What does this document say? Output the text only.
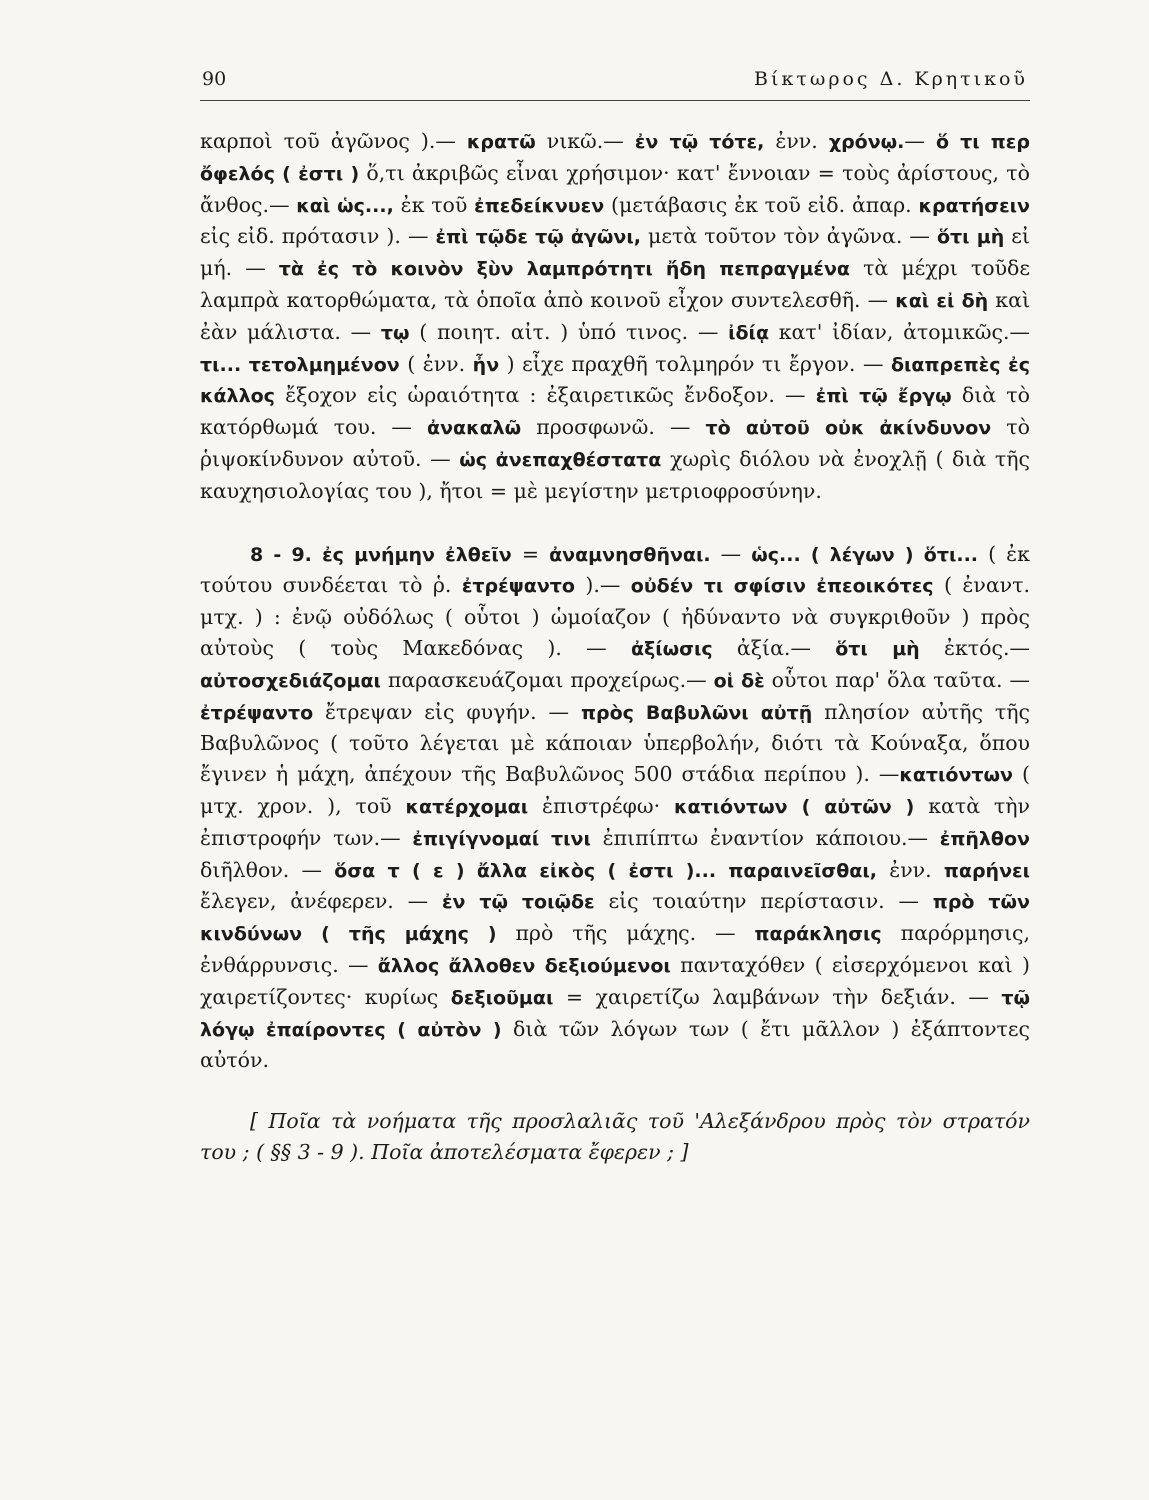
90	Βίκτωρος Δ. Κρητικοῦ

καρποὶ τοῦ ἀγῶνος ).— κρατῶ νικῶ.— ἐν τῷ τότε, ἐνν. χρόνῳ.— ὅ τι περ ὄφελός ( ἐστι ) ὅ,τι ἀκριβῶς εἶναι χρήσιμον· κατ' ἔννοιαν = τοὺς ἀρίστους, τὸ ἄνθος.— καὶ ὡς..., ἐκ τοῦ ἐπεδείκνυεν (μετάβασις ἐκ τοῦ εἰδ. ἀπαρ. κρατήσειν εἰς εἰδ. πρότασιν ). — ἐπὶ τῷδε τῷ ἀγῶνι, μετὰ τοῦτον τὸν ἀγῶνα. — ὅτι μὴ εἰ μή. — τὰ ἐς τὸ κοινὸν ξὺν λαμπρότητι ἤδη πεπραγμένα τὰ μέχρι τοῦδε λαμπρὰ κατορθώματα, τὰ ὁποῖα ἀπὸ κοινοῦ εἶχον συντελεσθῆ. — καὶ εἰ δὴ καὶ ἐὰν μάλιστα. — τῳ ( ποιητ. αἰτ. ) ὑπό τινος. — ἰδίᾳ κατ' ἰδίαν, ἀτομικῶς.— τι... τετολμημένον ( ἐνν. ἦν ) εἶχε πραχθῆ τολμηρόν τι ἔργον. — διαπρεπὲς ἐς κάλλος ἔξοχον εἰς ὡραιότητα : ἐξαιρετικῶς ἔνδοξον. — ἐπὶ τῷ ἔργῳ διὰ τὸ κατόρθωμά του. — ἀνακαλῶ προσφωνῶ. — τὸ αὐτοῦ οὐκ ἀκίνδυνον τὸ ῥιψοκίνδυνον αὐτοῦ. — ὡς ἀνεπαχθέστατα χωρὶς διόλου νὰ ἐνοχλῇ ( διὰ τῆς καυχησιολογίας του ), ἤτοι = μὲ μεγίστην μετριοφροσύνην.

8 - 9. ἐς μνήμην ἐλθεῖν = ἀναμνησθῆναι. — ὡς... ( λέγων ) ὅτι... ( ἐκ τούτου συνδέεται τὸ ῥ. ἐτρέψαντο ).— οὐδέν τι σφίσιν ἐπεοικότες ( ἐναντ. μτχ. ) : ἐνῷ οὐδόλως ( οὗτοι ) ὡμοίαζον ( ἠδύναντο νὰ συγκριθοῦν ) πρὸς αὐτοὺς ( τοὺς Μακεδόνας ). — ἀξίωσις ἀξία.— ὅτι μὴ ἐκτός.— αὐτοσχεδιάζομαι παρασκευάζομαι προχείρως.— οἱ δὲ οὗτοι παρ' ὅλα ταῦτα. — ἐτρέψαντο ἔτρεψαν εἰς φυγήν. — πρὸς Βαβυλῶνι αὐτῇ πλησίον αὐτῆς τῆς Βαβυλῶνος ( τοῦτο λέγεται μὲ κάποιαν ὑπερβολήν, διότι τὰ Κούναξα, ὅπου ἔγινεν ἡ μάχη, ἀπέχουν τῆς Βαβυλῶνος 500 στάδια περίπου ). —κατιόντων ( μτχ. χρον. ), τοῦ κατέρχομαι ἐπιστρέφω· κατιόντων ( αὐτῶν ) κατὰ τὴν ἐπιστροφήν των.— ἐπιγίγνομαί τινι ἐπιπίπτω ἐναντίον κάποιου.— ἐπῆλθον διῆλθον. — ὅσα τ ( ε ) ἄλλα εἰκὸς ( ἐστι )... παραινεῖσθαι, ἐνν. παρήνει ἔλεγεν, ἀνέφερεν. — ἐν τῷ τοιῷδε εἰς τοιαύτην περίστασιν. — πρὸ τῶν κινδύνων ( τῆς μάχης ) πρὸ τῆς μάχης. — παράκλησις παρόρμησις, ἐνθάρρυνσις. — ἄλλος ἄλλοθεν δεξιούμενοι πανταχόθεν ( εἰσερχόμενοι καὶ ) χαιρετίζοντες· κυρίως δεξιοῦμαι = χαιρετίζω λαμβάνων τὴν δεξιάν. — τῷ λόγῳ ἐπαίροντες ( αὐτὸν ) διὰ τῶν λόγων των ( ἔτι μᾶλλον ) ἐξάπτοντες αὐτόν.

[ Ποῖα τὰ νοήματα τῆς προσλαλιᾶς τοῦ 'Αλεξάνδρου πρὸς τὸν στρατόν του ; ( §§ 3 - 9 ). Ποῖα ἀποτελέσματα ἔφερεν ; ]
